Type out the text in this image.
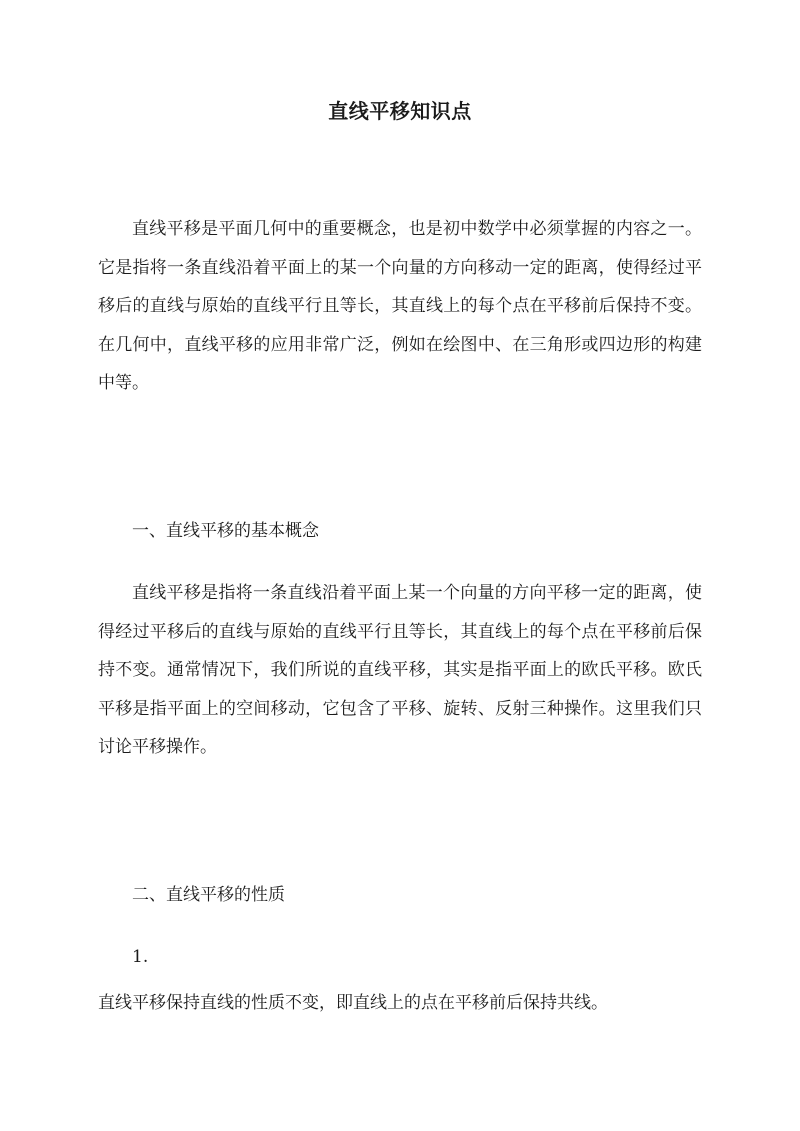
直线平移知识点

直线平移是平面几何中的重要概念，也是初中数学中必须掌握的内容之一。它是指将一条直线沿着平面上的某一个向量的方向移动一定的距离，使得经过平移后的直线与原始的直线平行且等长，其直线上的每个点在平移前后保持不变。在几何中，直线平移的应用非常广泛，例如在绘图中、在三角形或四边形的构建中等。

一、直线平移的基本概念

直线平移是指将一条直线沿着平面上某一个向量的方向平移一定的距离，使得经过平移后的直线与原始的直线平行且等长，其直线上的每个点在平移前后保持不变。通常情况下，我们所说的直线平移，其实是指平面上的欧氏平移。欧氏平移是指平面上的空间移动，它包含了平移、旋转、反射三种操作。这里我们只讨论平移操作。

二、直线平移的性质
1.

直线平移保持直线的性质不变，即直线上的点在平移前后保持共线。
